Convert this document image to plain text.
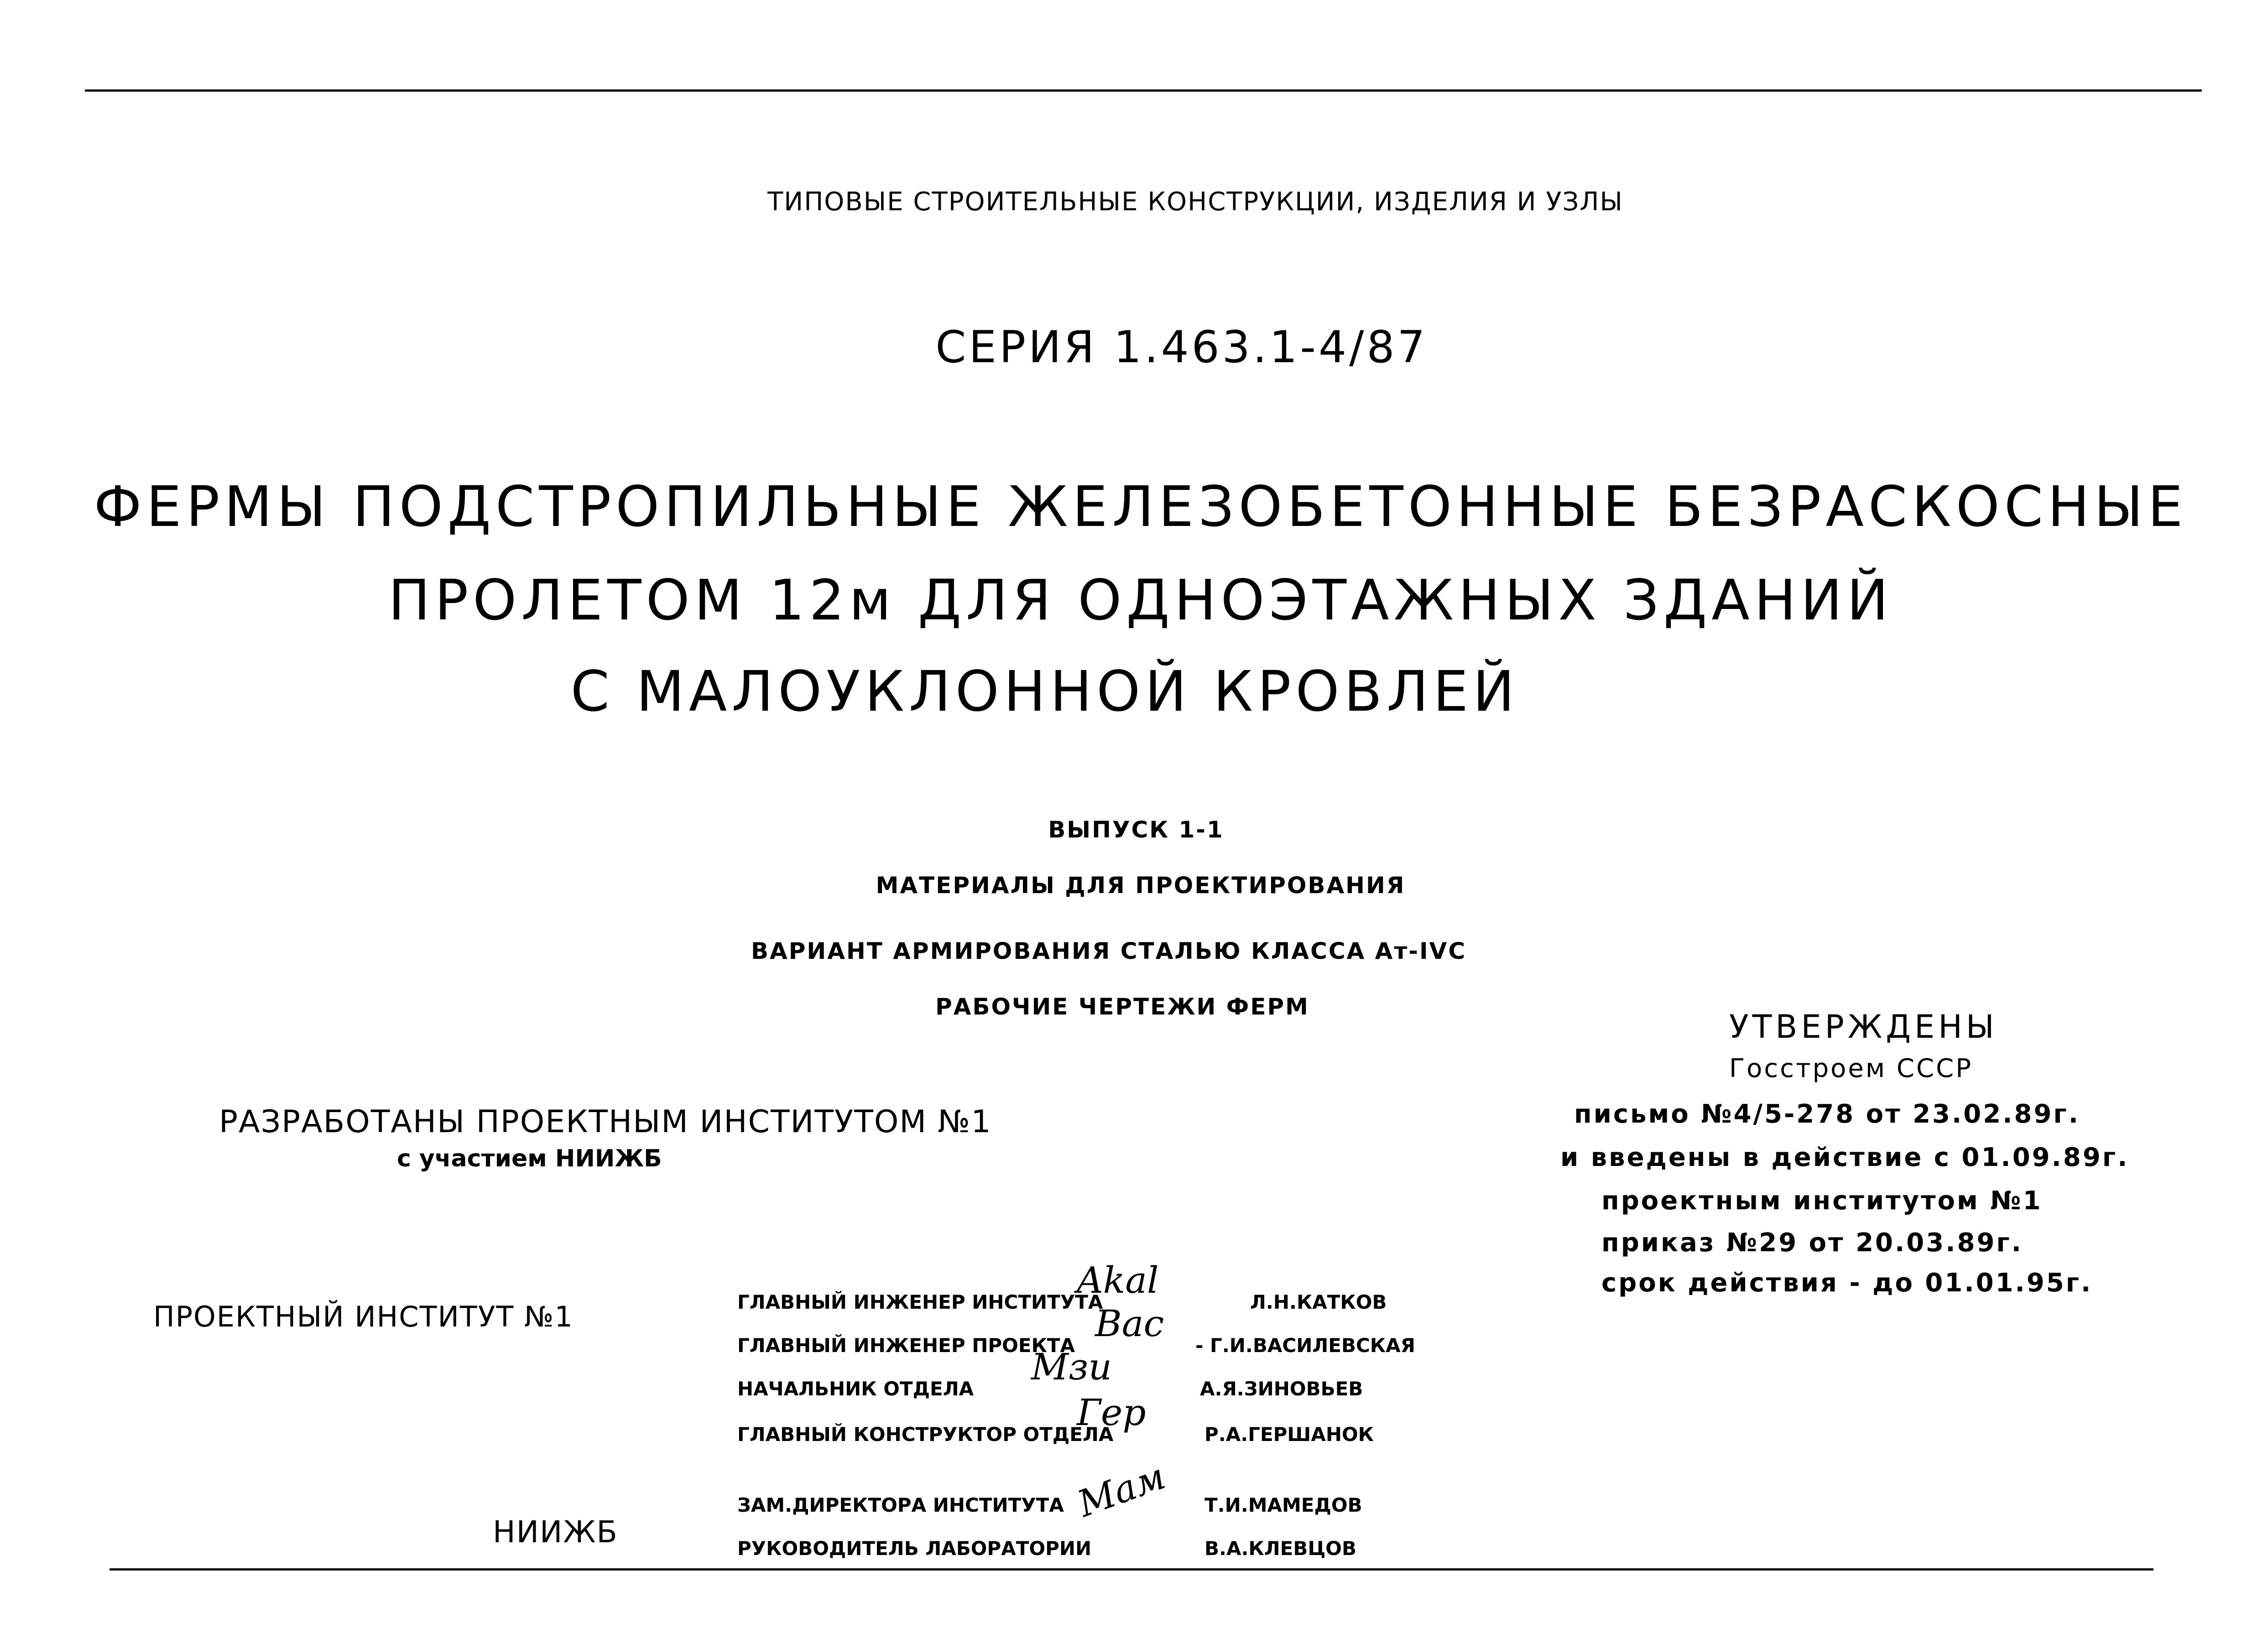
ТИПОВЫЕ СТРОИТЕЛЬНЫЕ КОНСТРУКЦИИ, ИЗДЕЛИЯ И УЗЛЫ
СЕРИЯ 1.463.1-4/87
ФЕРМЫ ПОДСТРОПИЛЬНЫЕ ЖЕЛЕЗОБЕТОННЫЕ БЕЗРАСКОСНЫЕ
ПРОЛЕТОМ 12м ДЛЯ ОДНОЭТАЖНЫХ ЗДАНИЙ
С МАЛОУКЛОННОЙ КРОВЛЕЙ
ВЫПУСК 1-1
МАТЕРИАЛЫ ДЛЯ ПРОЕКТИРОВАНИЯ
ВАРИАНТ АРМИРОВАНИЯ СТАЛЬЮ КЛАССА Ат-IVС
РАБОЧИЕ ЧЕРТЕЖИ ФЕРМ
УТВЕРЖДЕНЫ
Госстроем СССР
письмо №4/5-278 от 23.02.89г.
и введены в действие с 01.09.89г.
проектным институтом №1
приказ №29 от 20.03.89г.
срок действия - до 01.01.95г.
РАЗРАБОТАНЫ ПРОЕКТНЫМ ИНСТИТУТОМ №1
с участием НИИЖБ
ПРОЕКТНЫЙ ИНСТИТУТ №1
НИИЖБ
ГЛАВНЫЙ ИНЖЕНЕР ИНСТИТУТА
Akal
Л.Н.КАТКОВ
ГЛАВНЫЙ ИНЖЕНЕР ПРОЕКТА
Вас
- Г.И.ВАСИЛЕВСКАЯ
НАЧАЛЬНИК ОТДЕЛА
Мзи
А.Я.ЗИНОВЬЕВ
ГЛАВНЫЙ КОНСТРУКТОР ОТДЕЛА
Гер
Р.А.ГЕРШАНОК
ЗАМ.ДИРЕКТОРА ИНСТИТУТА Мам Т.И.МАМЕДОВ
РУКОВОДИТЕЛЬ ЛАБОРАТОРИИ	В.А.КЛЕВЦОВ
